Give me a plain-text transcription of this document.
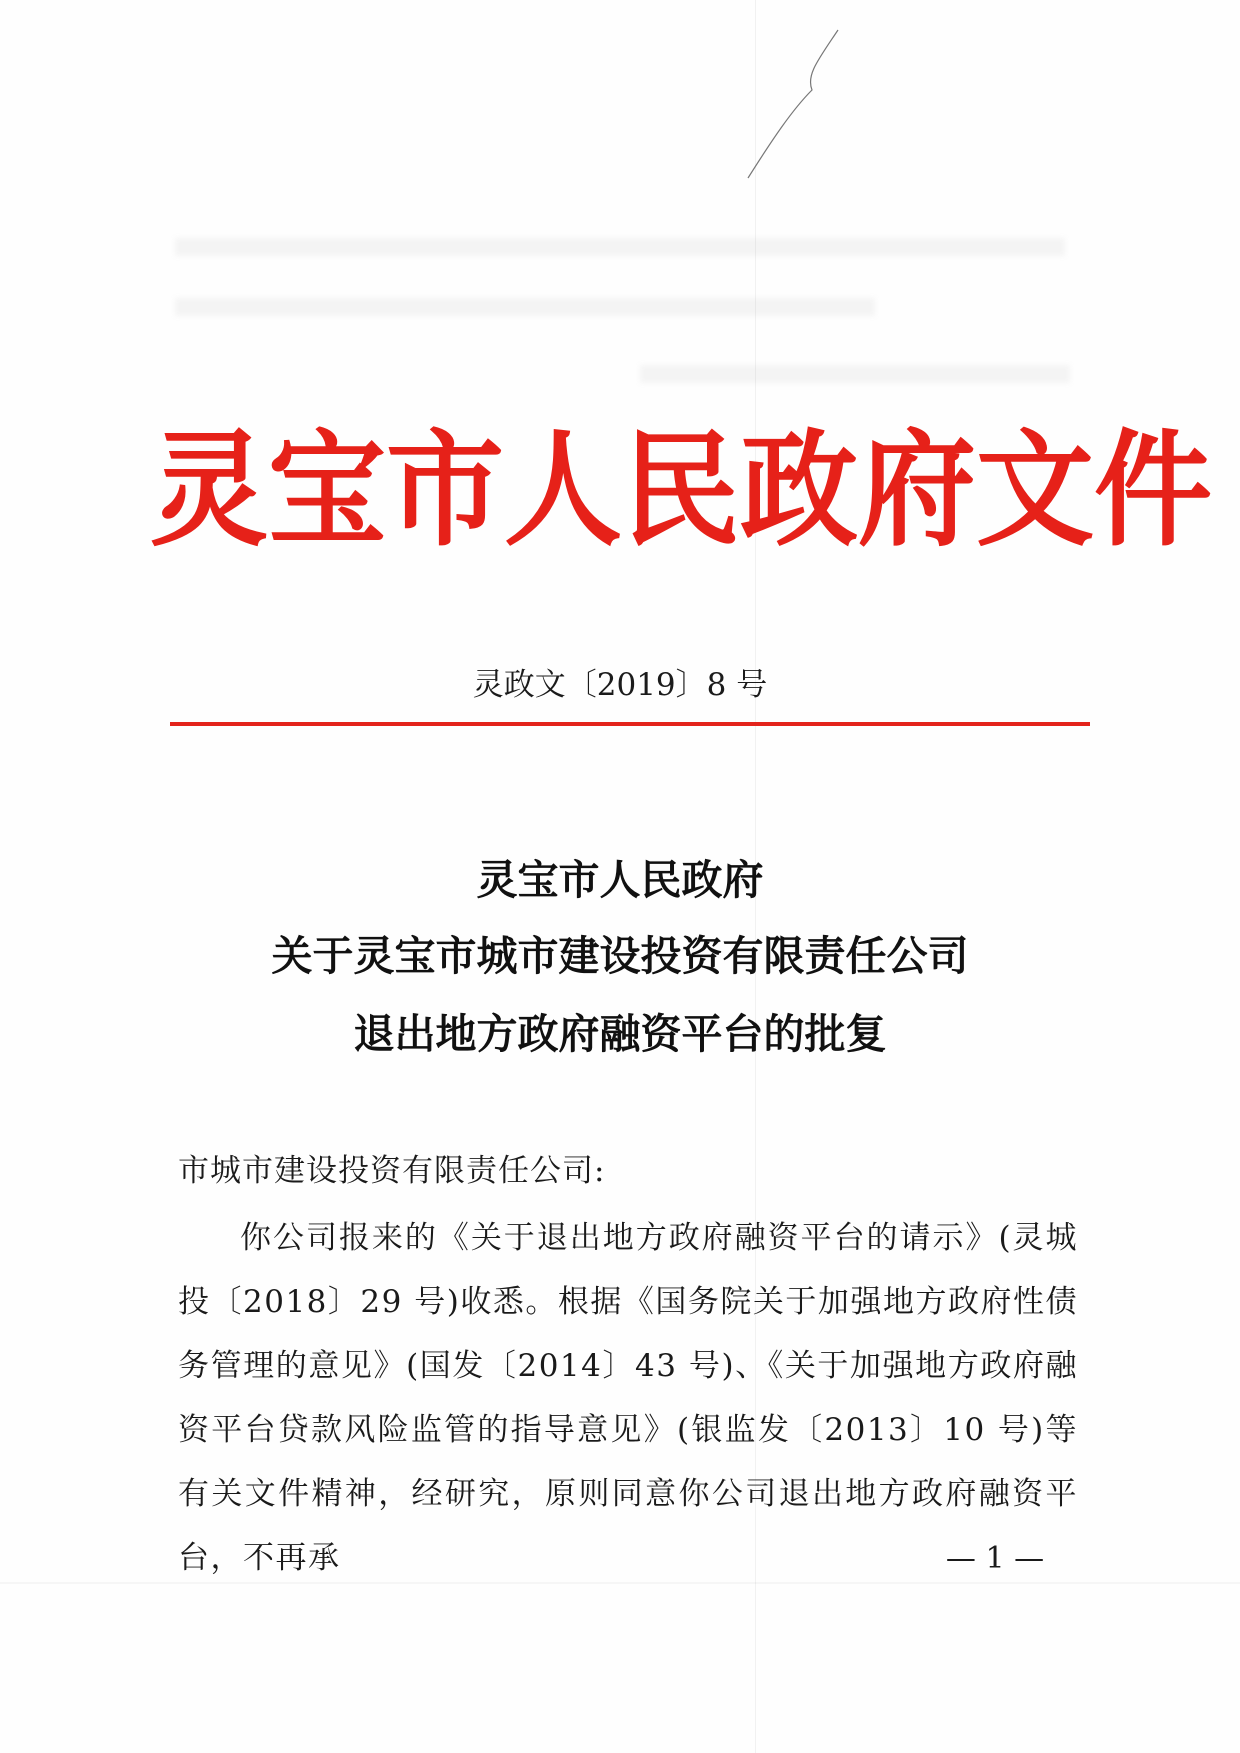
灵宝市人民政府文件
灵政文〔2019〕8 号
灵宝市人民政府
关于灵宝市城市建设投资有限责任公司
退出地方政府融资平台的批复
市城市建设投资有限责任公司:

你公司报来的《关于退出地方政府融资平台的请示》(灵城投〔2018〕29 号)收悉。根据《国务院关于加强地方政府性债务管理的意见》(国发〔2014〕43 号)、《关于加强地方政府融资平台贷款风险监管的指导意见》(银监发〔2013〕10 号)等有关文件精神，经研究，原则同意你公司退出地方政府融资平台，不再承	— 1 —
